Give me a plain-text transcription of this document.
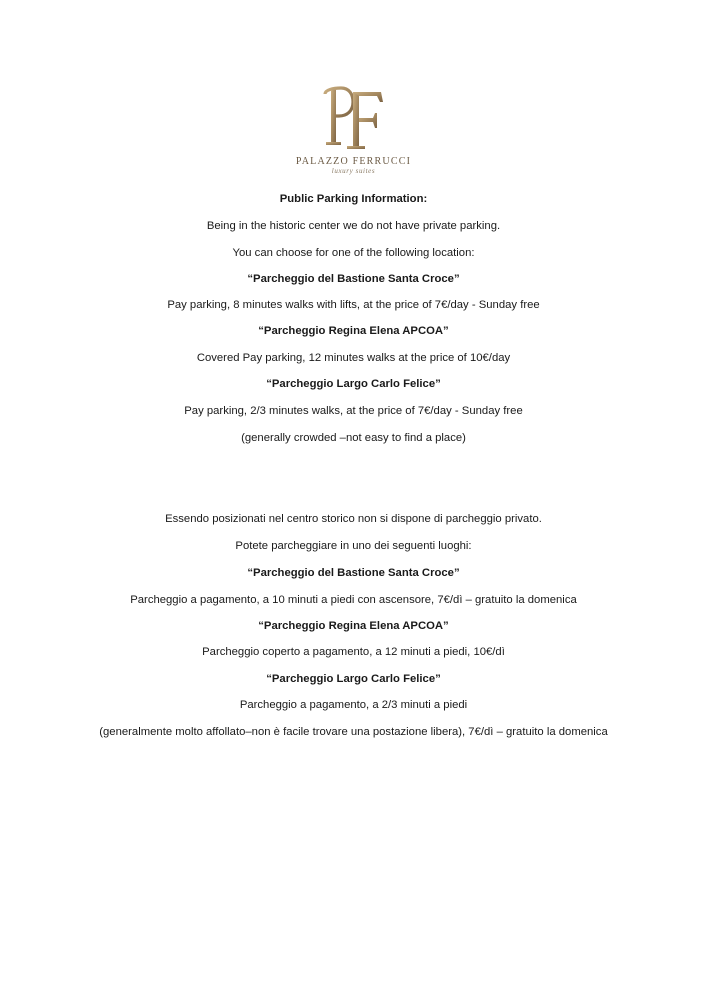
PALAZZO FERRUCCI
luxury suites
Public Parking Information:
Being in the historic center we do not have private parking.
You can choose for one of the following location:
“Parcheggio del Bastione Santa Croce”
Pay parking, 8 minutes walks with lifts, at the price of 7€/day - Sunday free
“Parcheggio Regina Elena APCOA”
Covered Pay parking, 12 minutes walks at the price of 10€/day
“Parcheggio Largo Carlo Felice”
Pay parking, 2/3 minutes walks, at the price of 7€/day - Sunday free
(generally crowded –not easy to find a place)
Essendo posizionati nel centro storico non si dispone di parcheggio privato.
Potete parcheggiare in uno dei seguenti luoghi:
“Parcheggio del Bastione Santa Croce”
Parcheggio a pagamento, a 10 minuti a piedi con ascensore, 7€/dì – gratuito la domenica
“Parcheggio Regina Elena APCOA”
Parcheggio coperto a pagamento, a 12 minuti a piedi, 10€/dì
“Parcheggio Largo Carlo Felice”
Parcheggio a pagamento, a 2/3 minuti a piedi
(generalmente molto affollato–non è facile trovare una postazione libera), 7€/dì – gratuito la domenica
